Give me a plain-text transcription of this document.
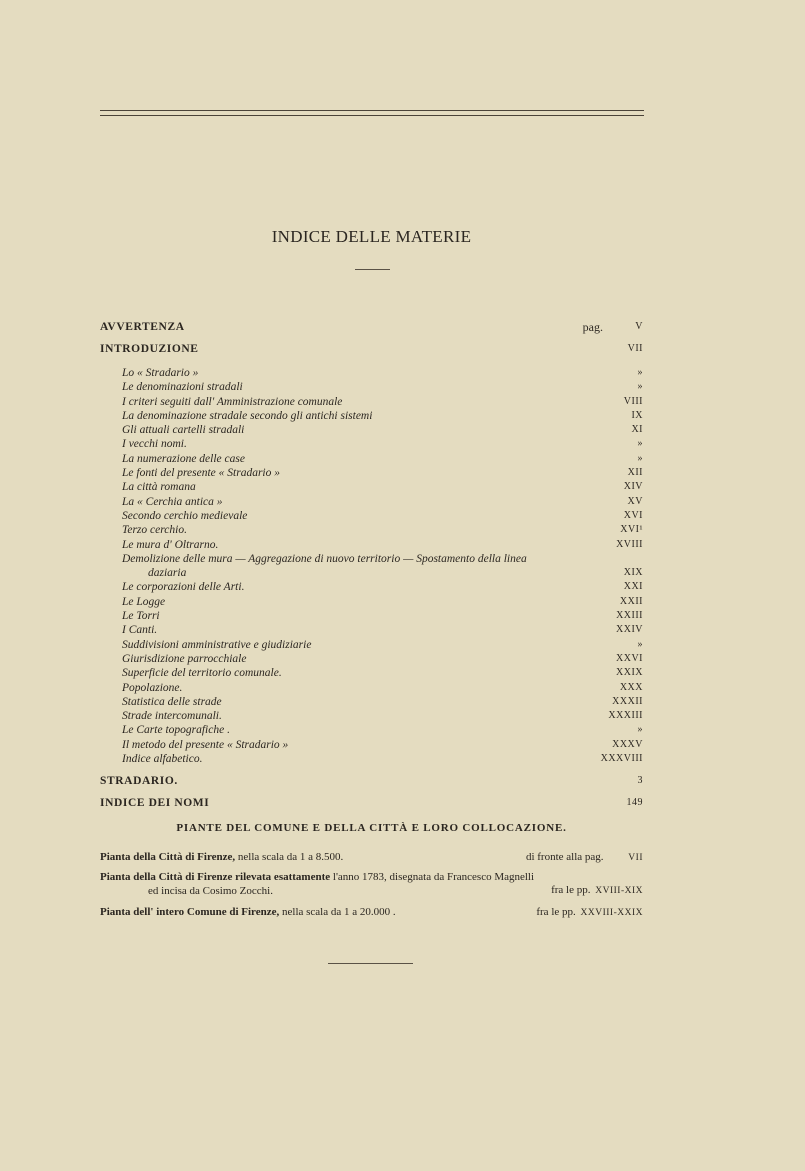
INDICE DELLE MATERIE
AVVERTENZA	V
pag.
INTRODUZIONE	VII
Lo « Stradario »	»
Le denominazioni stradali	»
I criteri seguiti dall' Amministrazione comunale	VIII
La denominazione stradale secondo gli antichi sistemi	IX
Gli attuali cartelli stradali	XI
I vecchi nomi.	»
La numerazione delle case	»
Le fonti del presente « Stradario »	XII
La città romana	XIV
La « Cerchia antica »	XV
Secondo cerchio medievale	XVI
Terzo cerchio.	XVI¹
Le mura d' Oltrarno.	XVIII
Demolizione delle mura — Aggregazione di nuovo territorio — Spostamento della linea
daziaria	XIX
Le corporazioni delle Arti.	XXI
Le Logge	XXII
Le Torri	XXIII
I Canti.	XXIV
Suddivisioni amministrative e giudiziarie	»
Giurisdizione parrocchiale	XXVI
Superficie del territorio comunale.	XXIX
Popolazione.	XXX
Statistica delle strade	XXXII
Strade intercomunali.	XXXIII
Le Carte topografiche .	»
Il metodo del presente « Stradario »	XXXV
Indice alfabetico.	XXXVIII
STRADARIO.	3
INDICE DEI NOMI	149
PIANTE DEL COMUNE E DELLA CITTÀ E LORO COLLOCAZIONE.
Pianta della Città di Firenze, nella scala da 1 a 8.500.	di fronte alla pag.	VII
Pianta della Città di Firenze rilevata esattamente l'anno 1783, disegnata da Francesco Magnelli
ed incisa da Cosimo Zocchi.	fra le pp. XVIII-XIX
Pianta dell' intero Comune di Firenze, nella scala da 1 a 20.000 .	fra le pp. XXVIII-XXIX
